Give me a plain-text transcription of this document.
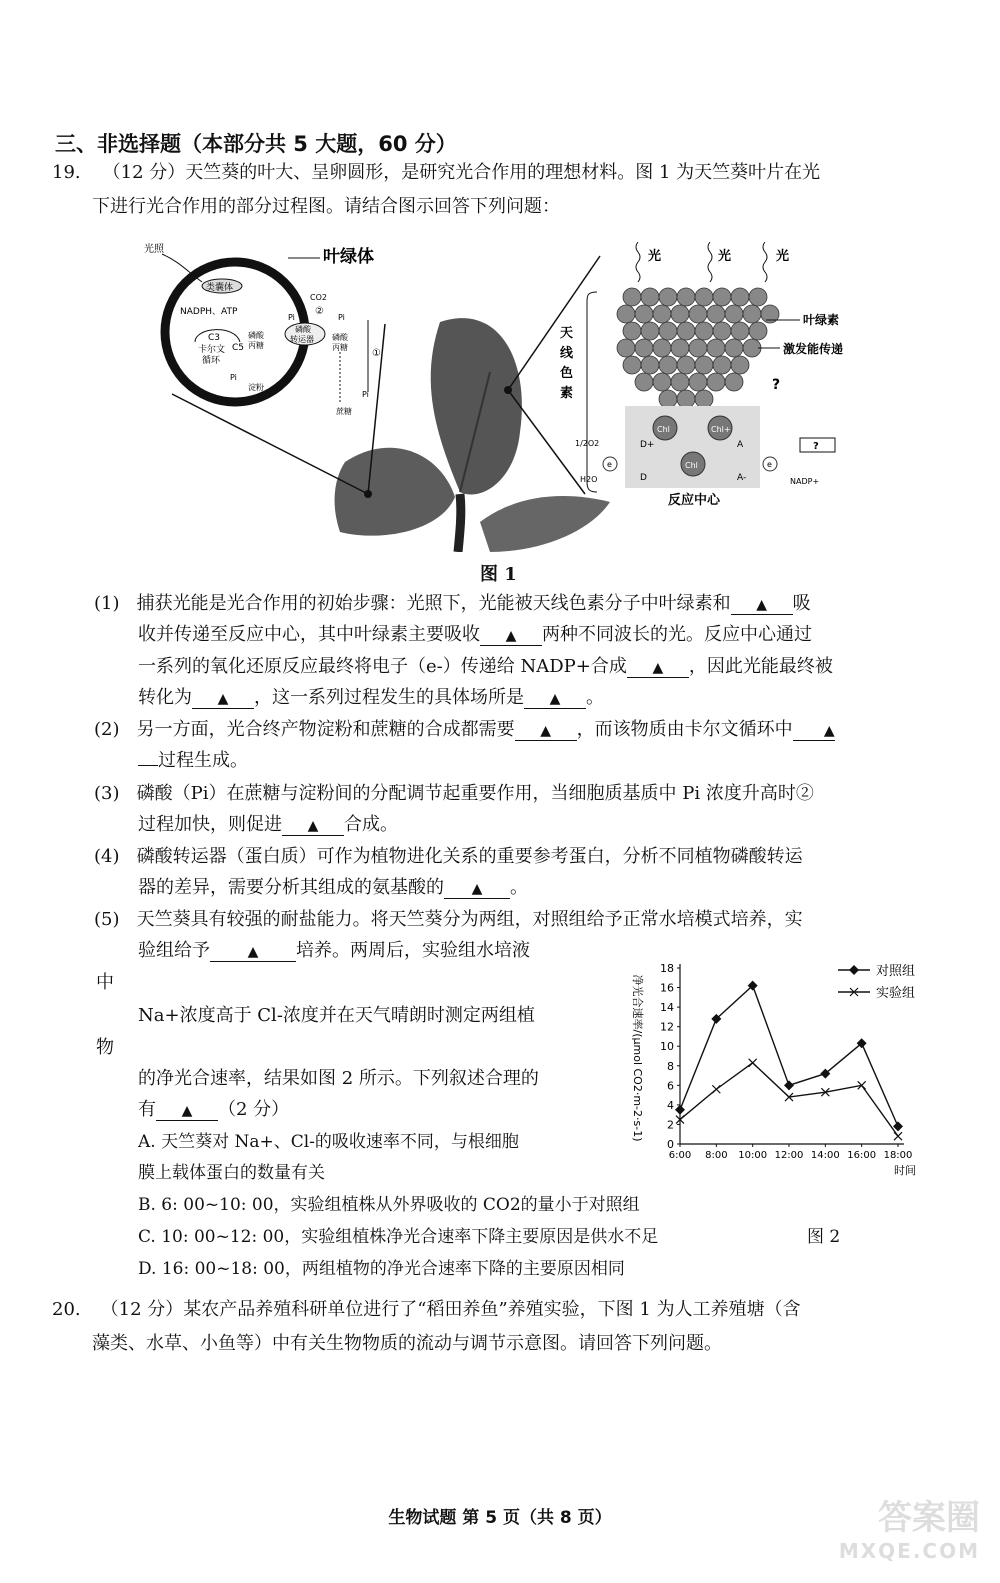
三、非选择题（本部分共 5 大题，60 分）
19. （12 分）天竺葵的叶大、呈卵圆形，是研究光合作用的理想材料。图 1 为天竺葵叶片在光
下进行光合作用的部分过程图。请结合图示回答下列问题：
光照	叶绿体
类囊体
NADPH、ATP
C3
C5
卡尔文
循环
CO2
Pi
②
Pi
磷酸
丙糖
磷酸
转运器 磷酸
丙糖
①
Pi
淀粉
Pi
蔗糖
光	光	光
天
线
色
素
叶绿素
激发能传递
?
Chl	Chl+
Chl
D+
D
A
A-
e	e
1/2O2
H2O
?
NADP+
反应中心
图 1
(1) 捕获光能是光合作用的初始步骤：光照下，光能被天线色素分子中叶绿素和 ▲ 吸
收并传递至反应中心，其中叶绿素主要吸收 ▲ 两种不同波长的光。反应中心通过
一系列的氧化还原反应最终将电子（e-）传递给 NADP+合成 ▲ ，因此光能最终被
转化为 ▲ ，这一系列过程发生的具体场所是 ▲ 。
(2) 另一方面，光合终产物淀粉和蔗糖的合成都需要 ▲ ，而该物质由卡尔文循环中 ▲
过程生成。
(3) 磷酸（Pi）在蔗糖与淀粉间的分配调节起重要作用，当细胞质基质中 Pi 浓度升高时②
过程加快，则促进 ▲ 合成。
(4) 磷酸转运器（蛋白质）可作为植物进化关系的重要参考蛋白，分析不同植物磷酸转运
器的差异，需要分析其组成的氨基酸的 ▲ 。
(5) 天竺葵具有较强的耐盐能力。将天竺葵分为两组，对照组给予正常水培模式培养，实
验组给予	▲ 培养。两周后，实验组水培液
中
Na+浓度高于 Cl-浓度并在天气晴朗时测定两组植
物
的净光合速率，结果如图 2 所示。下列叙述合理的
有 ▲ （2 分）
A. 天竺葵对 Na+、Cl-的吸收速率不同，与根细胞
膜上载体蛋白的数量有关
B. 6: 00~10: 00，实验组植株从外界吸收的 CO2的量小于对照组
C. 10: 00~12: 00，实验组植株净光合速率下降主要原因是供水不足	图 2
D. 16: 00~18: 00，两组植物的净光合速率下降的主要原因相同
净光合速率/(μmol CO2·m-2·s-1)
0
2
4
6
8
10
12
14
16
18
6:00 8:00 10:00 12:00 14:00 16:00 18:00
时间
对照组
实验组
20. （12 分）某农产品养殖科研单位进行了“稻田养鱼”养殖实验，下图 1 为人工养殖塘（含
藻类、水草、小鱼等）中有关生物物质的流动与调节示意图。请回答下列问题。
生物试题 第 5 页（共 8 页）	答案圈
MXQE.COM
